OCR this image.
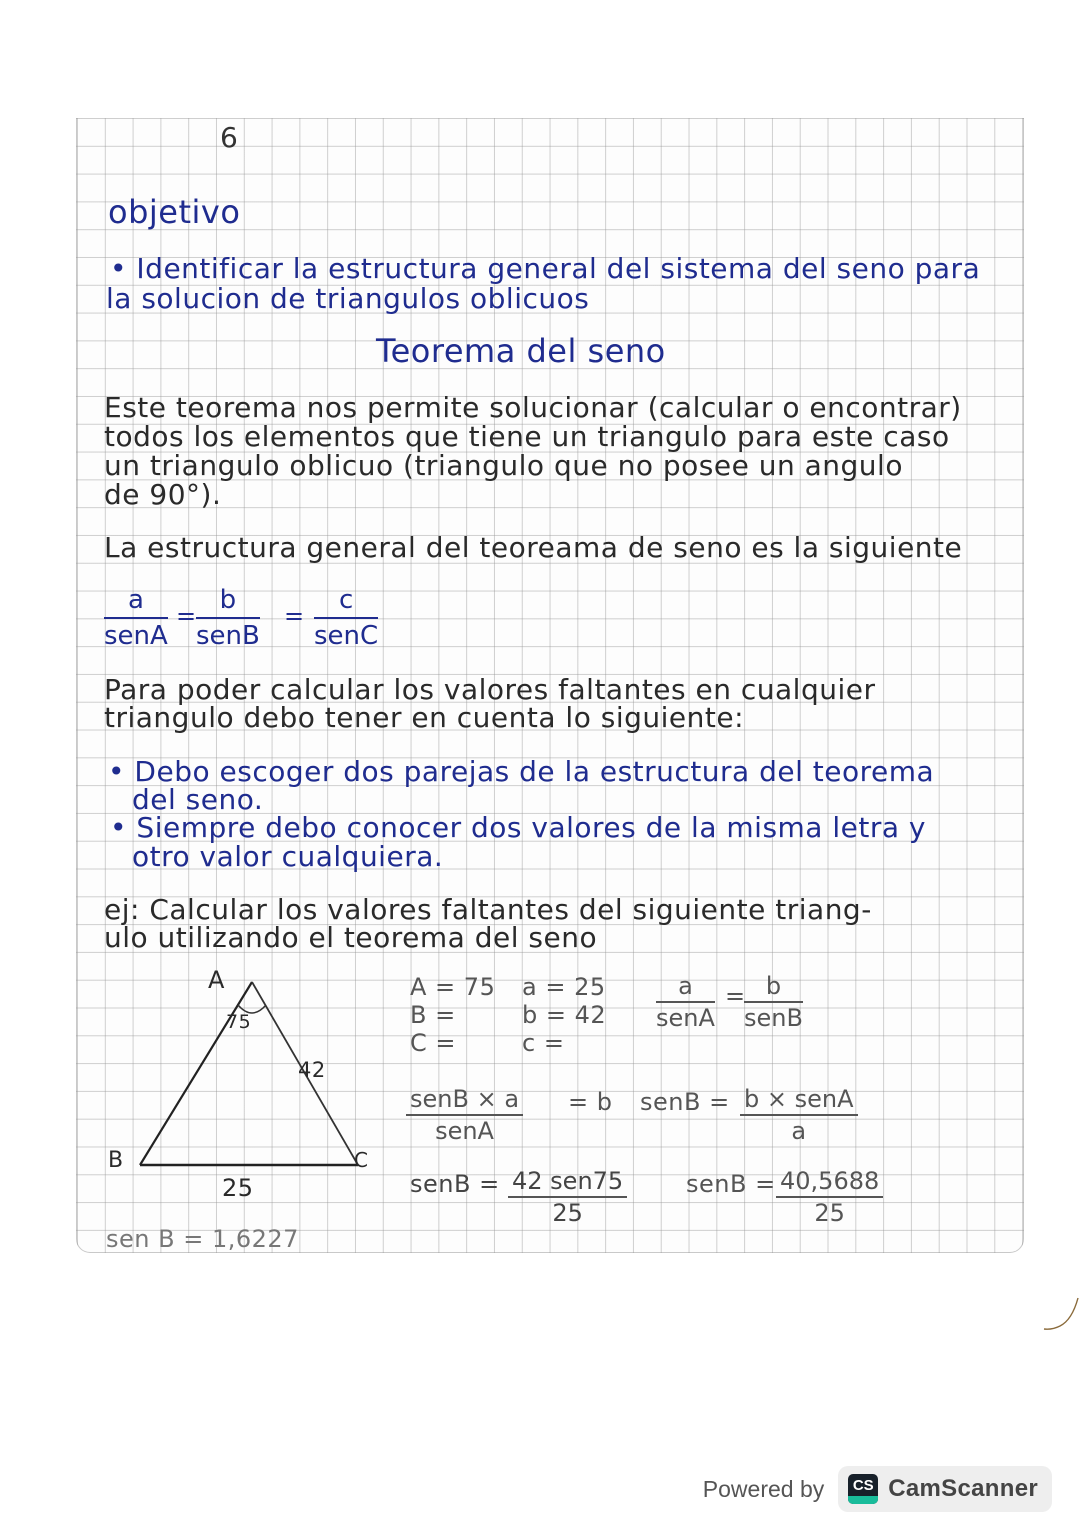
6
objetivo
• Identificar la estructura general del sistema del seno para
la solucion de triangulos oblicuos
Teorema del seno
Este teorema nos permite solucionar (calcular o encontrar)
todos los elementos que tiene un triangulo para este caso
un triangulo oblicuo (triangulo que no posee un angulo
de 90°).
La estructura general del teoreama de seno es la siguiente
a
senA
=
b
senB
=
c
senC
Para poder calcular los valores faltantes en cualquier
triangulo debo tener en cuenta lo siguiente:
• Debo escoger dos parejas de la estructura del teorema
del seno.
• Siempre debo conocer dos valores de la misma letra y
otro valor cualquiera.
ej: Calcular los valores faltantes del siguiente triang-
ulo utilizando el teorema del seno
A
75
42
B	C
25
sen B = 1,6227
A = 75
B =
C =
a = 25
b = 42
c =
a
senA
= b
senB
senB × a
senA
= b senB = b × senA
a
senB = 42 sen75
25
senB = $\frac{40,5688}{25}$
Powered by CS CamScanner
